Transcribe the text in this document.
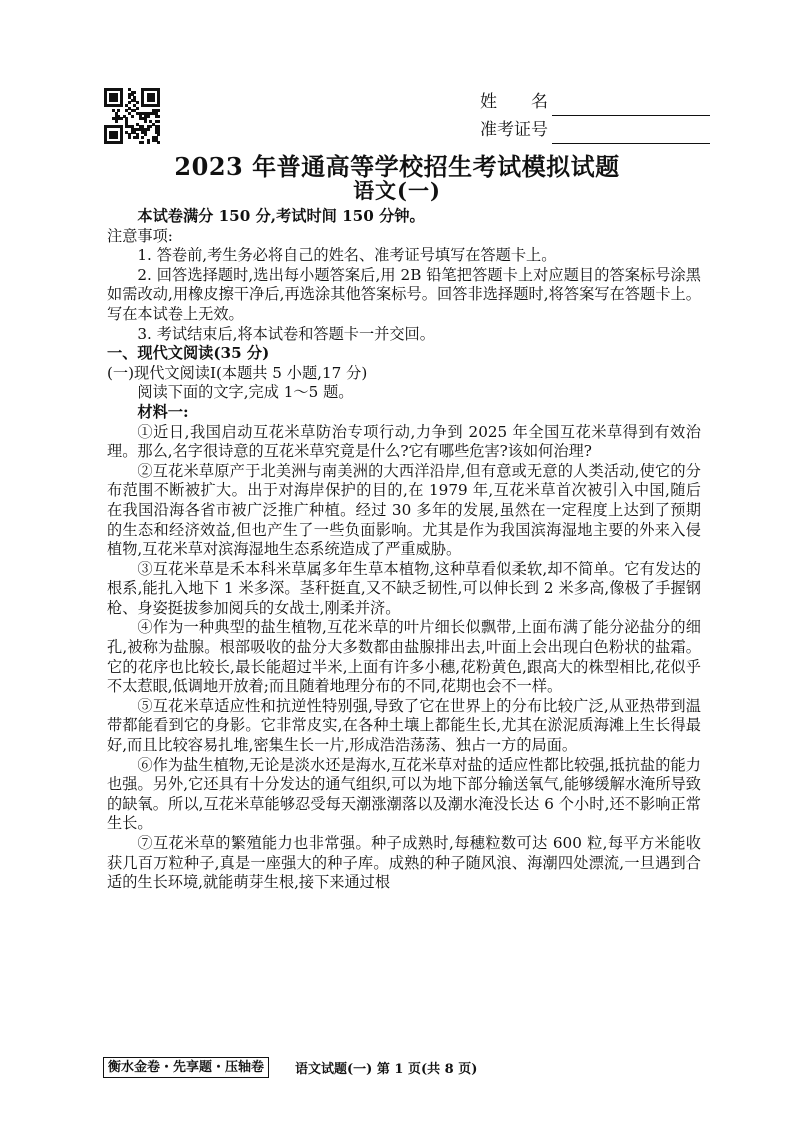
姓　　名
准考证号
2023 年普通高等学校招生考试模拟试题
语文(一)

本试卷满分 150 分,考试时间 150 分钟。

注意事项:

1. 答卷前,考生务必将自己的姓名、准考证号填写在答题卡上。

2. 回答选择题时,选出每小题答案后,用 2B 铅笔把答题卡上对应题目的答案标号涂黑　如需改动,用橡皮擦干净后,再选涂其他答案标号。回答非选择题时,将答案写在答题卡上。写在本试卷上无效。

3. 考试结束后,将本试卷和答题卡一并交回。

一、现代文阅读(35 分)

(一)现代文阅读Ⅰ(本题共 5 小题,17 分)

阅读下面的文字,完成 1～5 题。

材料一:

①近日,我国启动互花米草防治专项行动,力争到 2025 年全国互花米草得到有效治理。那么,名字很诗意的互花米草究竟是什么?它有哪些危害?该如何治理?

②互花米草原产于北美洲与南美洲的大西洋沿岸,但有意或无意的人类活动,使它的分布范围不断被扩大。出于对海岸保护的目的,在 1979 年,互花米草首次被引入中国,随后在我国沿海各省市被广泛推广种植。经过 30 多年的发展,虽然在一定程度上达到了预期的生态和经济效益,但也产生了一些负面影响。尤其是作为我国滨海湿地主要的外来入侵植物,互花米草对滨海湿地生态系统造成了严重威胁。

③互花米草是禾本科米草属多年生草本植物,这种草看似柔软,却不简单。它有发达的根系,能扎入地下 1 米多深。茎秆挺直,又不缺乏韧性,可以伸长到 2 米多高,像极了手握钢枪、身姿挺拔参加阅兵的女战士,刚柔并济。

④作为一种典型的盐生植物,互花米草的叶片细长似飘带,上面布满了能分泌盐分的细孔,被称为盐腺。根部吸收的盐分大多数都由盐腺排出去,叶面上会出现白色粉状的盐霜。它的花序也比较长,最长能超过半米,上面有许多小穗,花粉黄色,跟高大的株型相比,花似乎不太惹眼,低调地开放着;而且随着地理分布的不同,花期也会不一样。

⑤互花米草适应性和抗逆性特别强,导致了它在世界上的分布比较广泛,从亚热带到温带都能看到它的身影。它非常皮实,在各种土壤上都能生长,尤其在淤泥质海滩上生长得最好,而且比较容易扎堆,密集生长一片,形成浩浩荡荡、独占一方的局面。

⑥作为盐生植物,无论是淡水还是海水,互花米草对盐的适应性都比较强,抵抗盐的能力也强。另外,它还具有十分发达的通气组织,可以为地下部分输送氧气,能够缓解水淹所导致的缺氧。所以,互花米草能够忍受每天潮涨潮落以及潮水淹没长达 6 个小时,还不影响正常生长。

⑦互花米草的繁殖能力也非常强。种子成熟时,每穗粒数可达 600 粒,每平方米能收获几百万粒种子,真是一座强大的种子库。成熟的种子随风浪、海潮四处漂流,一旦遇到合适的生长环境,就能萌芽生根,接下来通过根

衡水金卷・先享题・压轴卷	语文试题(一) 第 1 页(共 8 页)
